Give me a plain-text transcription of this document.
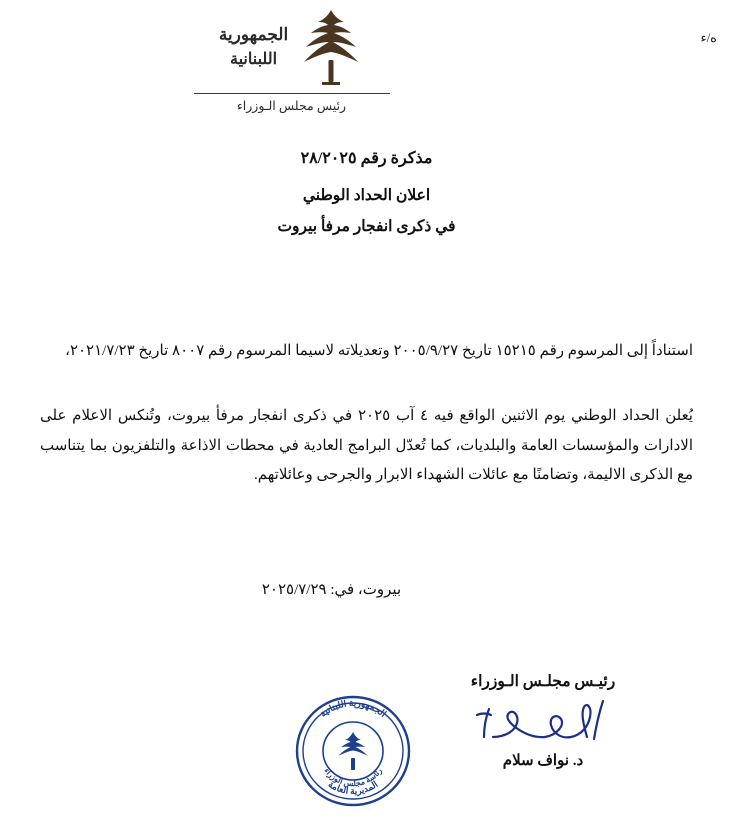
ه/ء
الجمهورية
اللبنانية
رئيس مجلس الـوزراء
مذكرة رقم ٢٨/٢٠٢٥
اعلان الحداد الوطني
في ذكرى انفجار مرفأ بيروت

استناداً إلى المرسوم رقم ١٥٢١٥ تاريخ ٢٠٠٥/٩/٢٧ وتعديلاته لاسيما المرسوم رقم ٨٠٠٧ تاريخ ٢٠٢١/٧/٢٣،

يُعلن الحداد الوطني يوم الاثنين الواقع فيه ٤ آب ٢٠٢٥ في ذكرى انفجار مرفأ بيروت، وتُنكس الاعلام على الادارات والمؤسسات العامة والبلديات، كما تُعدّل البرامج العادية في محطات الاذاعة والتلفزيون بما يتناسب مع الذكرى الاليمة، وتضامنًا مع عائلات الشهداء الابرار والجرحى وعائلاتهم.

بيروت، في: ٢٠٢٥/٧/٢٩
رئيـس مجلـس الـوزراء
د. نواف سلام
الجمهورية اللبنانية
رئاسة مجلس الوزراء
المديرية العامة
